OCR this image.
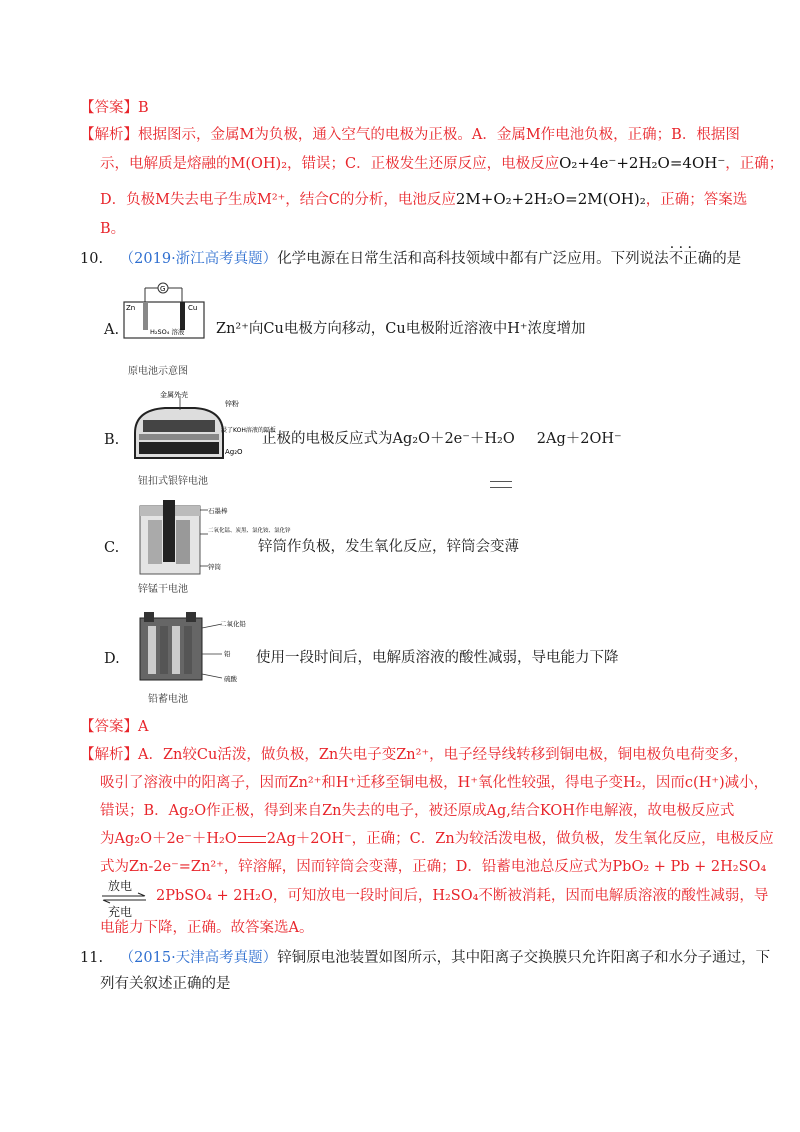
【答案】B
【解析】根据图示，金属M为负极，通入空气的电极为正极。A．金属M作电池负极，正确；B．根据图
示，电解质是熔融的M(OH)₂，错误；C．正极发生还原反应，电极反应O₂+4e⁻+2H₂O=4OH⁻，正确；
D．负极M失去电子生成M²⁺，结合C的分析，电池反应2M+O₂+2H₂O=2M(OH)₂，正确；答案选
B。
10. （2019·浙江高考真题）化学电源在日常生活和高科技领域中都有广泛应用。下列说法· · · 不正确的是
A.
G
Zn	Cu
H₂SO₄ 溶液
原电池示意图
Zn²⁺向Cu电极方向移动，Cu电极附近溶液中H⁺浓度增加
B.
金属外壳
锌粉
浸了KOH溶液的隔板
Ag₂O
钮扣式银锌电池
正极的电极反应式为Ag₂O＋2e⁻＋H₂O 2Ag＋2OH⁻
C.
石墨棒
二氧化锰、炭黑、氯化铵、氯化锌
锌筒
锌锰干电池
锌筒作负极，发生氧化反应，锌筒会变薄
D.
二氧化铅
铅
硫酸
铅蓄电池
使用一段时间后，电解质溶液的酸性减弱，导电能力下降
【答案】A
【解析】A．Zn较Cu活泼，做负极，Zn失电子变Zn²⁺，电子经导线转移到铜电极，铜电极负电荷变多，
吸引了溶液中的阳离子，因而Zn²⁺和H⁺迁移至铜电极，H⁺氧化性较强，得电子变H₂，因而c(H⁺)减小，
错误；B．Ag₂O作正极，得到来自Zn失去的电子，被还原成Ag,结合KOH作电解液，故电极反应式
为Ag₂O＋2e⁻＋H₂O 2Ag＋2OH⁻，正确；C．Zn为较活泼电极，做负极，发生氧化反应，电极反应
式为Zn-2e⁻=Zn²⁺，锌溶解，因而锌筒会变薄，正确；D．铅蓄电池总反应式为PbO₂ + Pb + 2H₂SO₄
放电
充电
2PbSO₄ + 2H₂O，可知放电一段时间后，H₂SO₄不断被消耗，因而电解质溶液的酸性减弱，导
电能力下降，正确。故答案选A。
11. （2015·天津高考真题）锌铜原电池装置如图所示，其中阳离子交换膜只允许阳离子和水分子通过，下
列有关叙述正确的是
